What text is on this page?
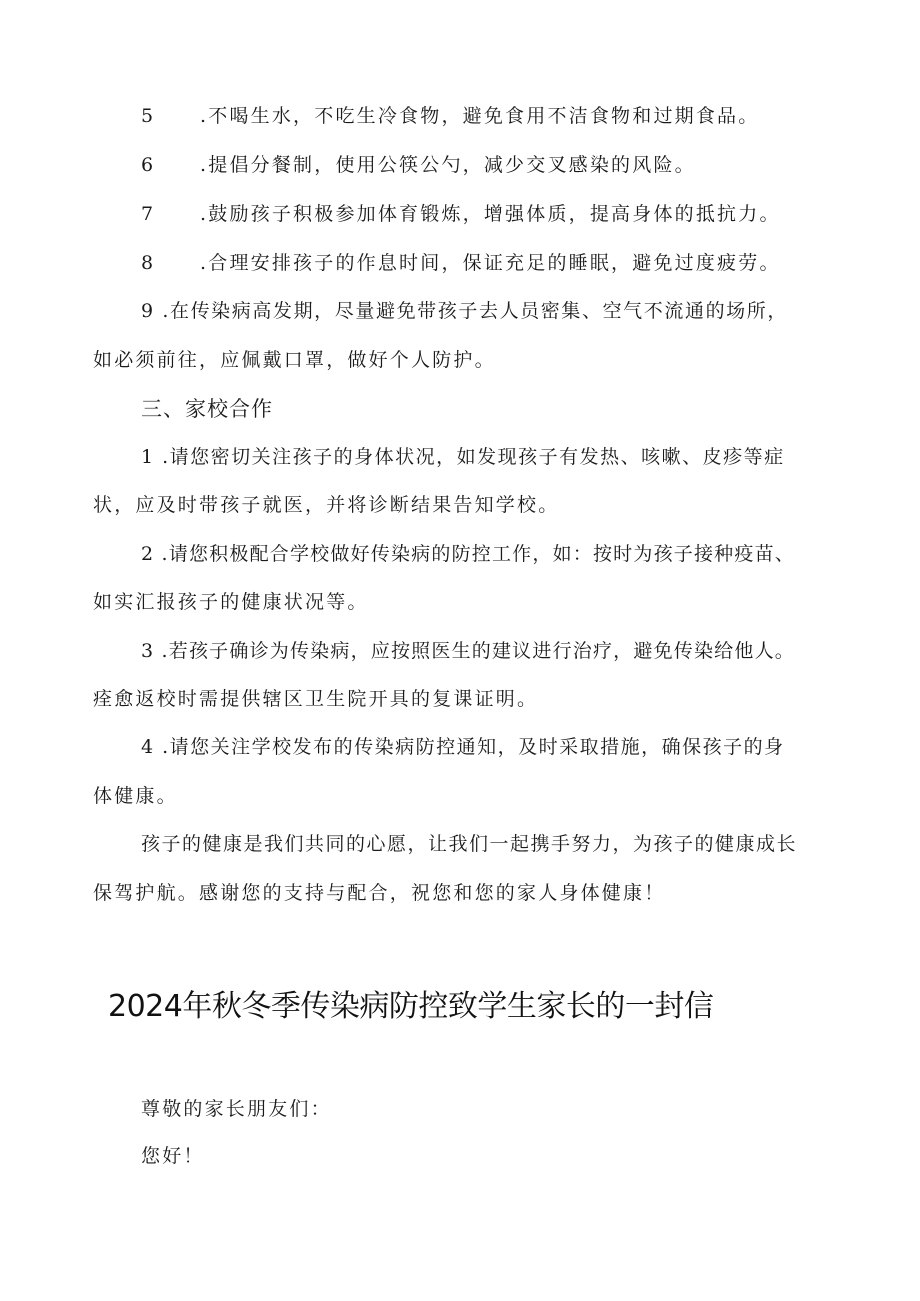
5 .不喝生水，不吃生冷食物，避免食用不洁食物和过期食品。
6 .提倡分餐制，使用公筷公勺，减少交叉感染的风险。
7 .鼓励孩子积极参加体育锻炼，增强体质，提高身体的抵抗力。
8 .合理安排孩子的作息时间，保证充足的睡眠，避免过度疲劳。
9 .在传染病高发期，尽量避免带孩子去人员密集、空气不流通的场所，
如必须前往，应佩戴口罩，做好个人防护。
三、家校合作
1 .请您密切关注孩子的身体状况，如发现孩子有发热、咳嗽、皮疹等症
状，应及时带孩子就医，并将诊断结果告知学校。
2 .请您积极配合学校做好传染病的防控工作，如：按时为孩子接种疫苗、
如实汇报孩子的健康状况等。
3 .若孩子确诊为传染病，应按照医生的建议进行治疗，避免传染给他人。
痊愈返校时需提供辖区卫生院开具的复课证明。
4 .请您关注学校发布的传染病防控通知，及时采取措施，确保孩子的身
体健康。
孩子的健康是我们共同的心愿，让我们一起携手努力，为孩子的健康成长
保驾护航。感谢您的支持与配合，祝您和您的家人身体健康！
2024年秋冬季传染病防控致学生家长的一封信
尊敬的家长朋友们：
您好！
